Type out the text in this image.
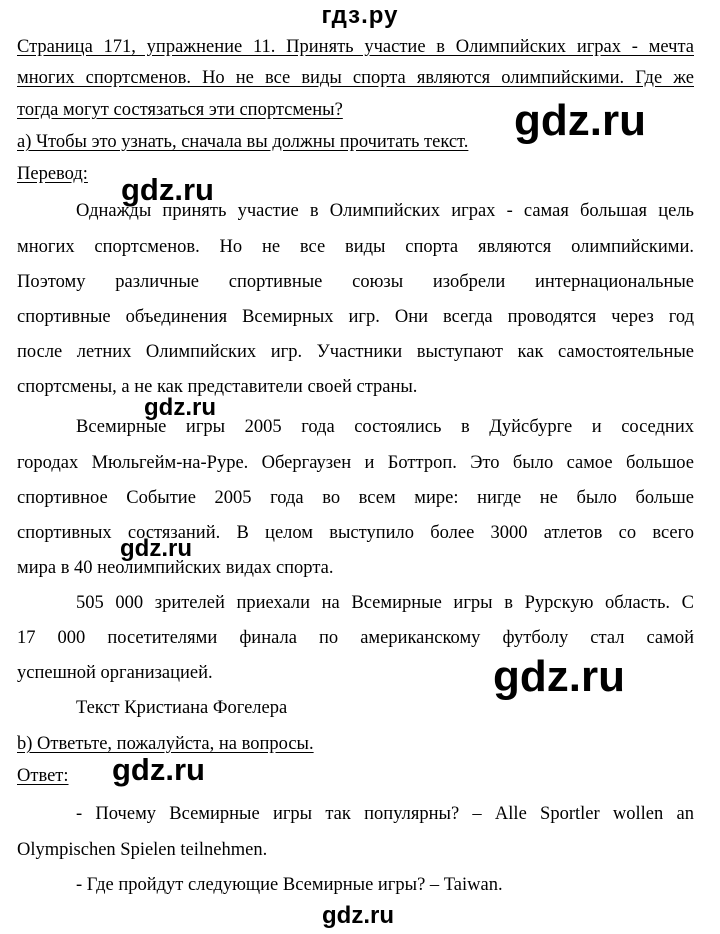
гдз.ру
Страница 171, упражнение 11. Принять участие в Олимпийских играх - мечта
многих спортсменов. Но не все виды спорта являются олимпийскими. Где же
тогда могут состязаться эти спортсмены?
а) Чтобы это узнать, сначала вы должны прочитать текст.
Перевод:
Однажды принять участие в Олимпийских играх - самая большая цель
многих спортсменов. Но не все виды спорта являются олимпийскими.
Поэтому различные спортивные союзы изобрели интернациональные
спортивные объединения Всемирных игр. Они всегда проводятся через год
после летних Олимпийских игр. Участники выступают как самостоятельные
спортсмены, а не как представители своей страны.
Всемирные игры 2005 года состоялись в Дуйсбурге и соседних
городах Мюльгейм-на-Руре. Обергаузен и Боттроп. Это было самое большое
спортивное Событие 2005 года во всем мире: нигде не было больше
спортивных состязаний. В целом выступило более 3000 атлетов со всего
мира в 40 неолимпийских видах спорта.
505 000 зрителей приехали на Всемирные игры в Рурскую область. С
17 000 посетителями финала по американскому футболу стал самой
успешной организацией.
Текст Кристиана Фогелера
b) Ответьте, пожалуйста, на вопросы.
Ответ:
- Почему Всемирные игры так популярны? – Alle Sportler wollen an
Olympischen Spielen teilnehmen.
- Где пройдут следующие Всемирные игры? – Taiwan.
gdz.ru
gdz.ru
gdz.ru
gdz.ru
gdz.ru
gdz.ru
gdz.ru
